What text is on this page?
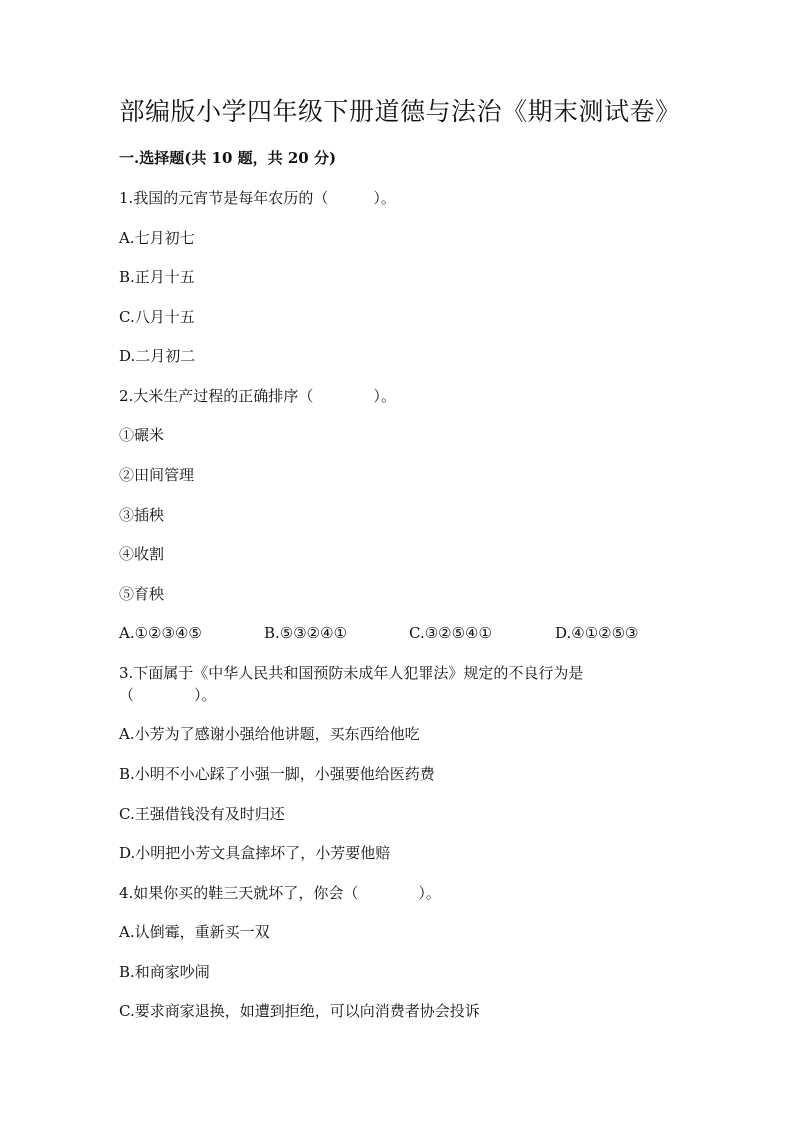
部编版小学四年级下册道德与法治《期末测试卷》
一.选择题(共 10 题，共 20 分)
1.我国的元宵节是每年农历的（　　　）。
A.七月初七
B.正月十五
C.八月十五
D.二月初二
2.大米生产过程的正确排序（　　　　）。
①碾米
②田间管理
③插秧
④收割
⑤育秧
A.①②③④⑤	B.⑤③②④①	C.③②⑤④①	D.④①②⑤③
3.下面属于《中华人民共和国预防未成年人犯罪法》规定的不良行为是
（　　　　）。
A.小芳为了感谢小强给他讲题，买东西给他吃
B.小明不小心踩了小强一脚，小强要他给医药费
C.王强借钱没有及时归还
D.小明把小芳文具盒摔坏了，小芳要他赔
4.如果你买的鞋三天就坏了，你会（　　　　）。
A.认倒霉，重新买一双
B.和商家吵闹
C.要求商家退换，如遭到拒绝，可以向消费者协会投诉
